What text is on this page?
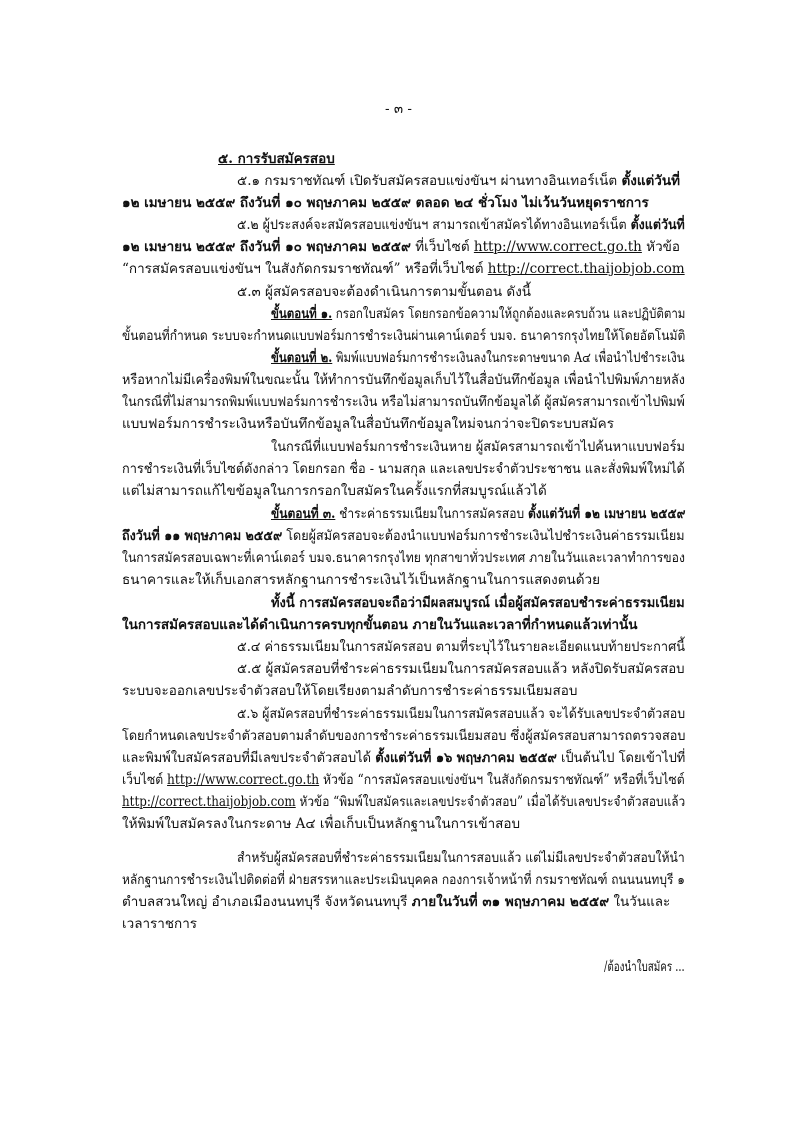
- ๓ -
๕. การรับสมัครสอบ
๕.๑ กรมราชทัณฑ์ เปิดรับสมัครสอบแข่งขันฯ ผ่านทางอินเทอร์เน็ต ตั้งแต่วันที่
๑๒ เมษายน ๒๕๕๙ ถึงวันที่ ๑๐ พฤษภาคม ๒๕๕๙ ตลอด ๒๔ ชั่วโมง ไม่เว้นวันหยุดราชการ
๕.๒ ผู้ประสงค์จะสมัครสอบแข่งขันฯ สามารถเข้าสมัครได้ทางอินเทอร์เน็ต ตั้งแต่วันที่
๑๒ เมษายน ๒๕๕๙ ถึงวันที่ ๑๐ พฤษภาคม ๒๕๕๙ ที่เว็บไซต์ http://www.correct.go.th หัวข้อ
“การสมัครสอบแข่งขันฯ ในสังกัดกรมราชทัณฑ์” หรือที่เว็บไซต์ http://correct.thaijobjob.com
๕.๓ ผู้สมัครสอบจะต้องดำเนินการตามขั้นตอน ดังนี้
ขั้นตอนที่ ๑. กรอกใบสมัคร โดยกรอกข้อความให้ถูกต้องและครบถ้วน และปฏิบัติตาม
ขั้นตอนที่กำหนด ระบบจะกำหนดแบบฟอร์มการชำระเงินผ่านเคาน์เตอร์ บมจ. ธนาคารกรุงไทยให้โดยอัตโนมัติ
ขั้นตอนที่ ๒. พิมพ์แบบฟอร์มการชำระเงินลงในกระดาษขนาด A๔ เพื่อนำไปชำระเงิน
หรือหากไม่มีเครื่องพิมพ์ในขณะนั้น ให้ทำการบันทึกข้อมูลเก็บไว้ในสื่อบันทึกข้อมูล เพื่อนำไปพิมพ์ภายหลัง
ในกรณีที่ไม่สามารถพิมพ์แบบฟอร์มการชำระเงิน หรือไม่สามารถบันทึกข้อมูลได้ ผู้สมัครสามารถเข้าไปพิมพ์
แบบฟอร์มการชำระเงินหรือบันทึกข้อมูลในสื่อบันทึกข้อมูลใหม่จนกว่าจะปิดระบบสมัคร
ในกรณีที่แบบฟอร์มการชำระเงินหาย ผู้สมัครสามารถเข้าไปค้นหาแบบฟอร์ม
การชำระเงินที่เว็บไซต์ดังกล่าว โดยกรอก ชื่อ - นามสกุล และเลขประจำตัวประชาชน และสั่งพิมพ์ใหม่ได้
แต่ไม่สามารถแก้ไขข้อมูลในการกรอกใบสมัครในครั้งแรกที่สมบูรณ์แล้วได้
ขั้นตอนที่ ๓. ชำระค่าธรรมเนียมในการสมัครสอบ ตั้งแต่วันที่ ๑๒ เมษายน ๒๕๕๙
ถึงวันที่ ๑๑ พฤษภาคม ๒๕๕๙ โดยผู้สมัครสอบจะต้องนำแบบฟอร์มการชำระเงินไปชำระเงินค่าธรรมเนียม
ในการสมัครสอบเฉพาะที่เคาน์เตอร์ บมจ.ธนาคารกรุงไทย ทุกสาขาทั่วประเทศ ภายในวันและเวลาทำการของ
ธนาคารและให้เก็บเอกสารหลักฐานการชำระเงินไว้เป็นหลักฐานในการแสดงตนด้วย
ทั้งนี้ การสมัครสอบจะถือว่ามีผลสมบูรณ์ เมื่อผู้สมัครสอบชำระค่าธรรมเนียม
ในการสมัครสอบและได้ดำเนินการครบทุกขั้นตอน ภายในวันและเวลาที่กำหนดแล้วเท่านั้น
๕.๔ ค่าธรรมเนียมในการสมัครสอบ ตามที่ระบุไว้ในรายละเอียดแนบท้ายประกาศนี้
๕.๕ ผู้สมัครสอบที่ชำระค่าธรรมเนียมในการสมัครสอบแล้ว หลังปิดรับสมัครสอบ
ระบบจะออกเลขประจำตัวสอบให้โดยเรียงตามลำดับการชำระค่าธรรมเนียมสอบ
๕.๖ ผู้สมัครสอบที่ชำระค่าธรรมเนียมในการสมัครสอบแล้ว จะได้รับเลขประจำตัวสอบ
โดยกำหนดเลขประจำตัวสอบตามลำดับของการชำระค่าธรรมเนียมสอบ ซึ่งผู้สมัครสอบสามารถตรวจสอบ
และพิมพ์ใบสมัครสอบที่มีเลขประจำตัวสอบได้ ตั้งแต่วันที่ ๑๖ พฤษภาคม ๒๕๕๙ เป็นต้นไป โดยเข้าไปที่
เว็บไซต์ http://www.correct.go.th หัวข้อ “การสมัครสอบแข่งขันฯ ในสังกัดกรมราชทัณฑ์” หรือที่เว็บไซต์
http://correct.thaijobjob.com หัวข้อ “พิมพ์ใบสมัครและเลขประจำตัวสอบ” เมื่อได้รับเลขประจำตัวสอบแล้ว
ให้พิมพ์ใบสมัครลงในกระดาษ A๔ เพื่อเก็บเป็นหลักฐานในการเข้าสอบ
สำหรับผู้สมัครสอบที่ชำระค่าธรรมเนียมในการสอบแล้ว แต่ไม่มีเลขประจำตัวสอบให้นำ
หลักฐานการชำระเงินไปติดต่อที่ ฝ่ายสรรหาและประเมินบุคคล กองการเจ้าหน้าที่ กรมราชทัณฑ์ ถนนนนทบุรี ๑
ตำบลสวนใหญ่ อำเภอเมืองนนทบุรี จังหวัดนนทบุรี ภายในวันที่ ๓๑ พฤษภาคม ๒๕๕๙ ในวันและ
เวลาราชการ
/ต้องนำใบสมัคร ...
